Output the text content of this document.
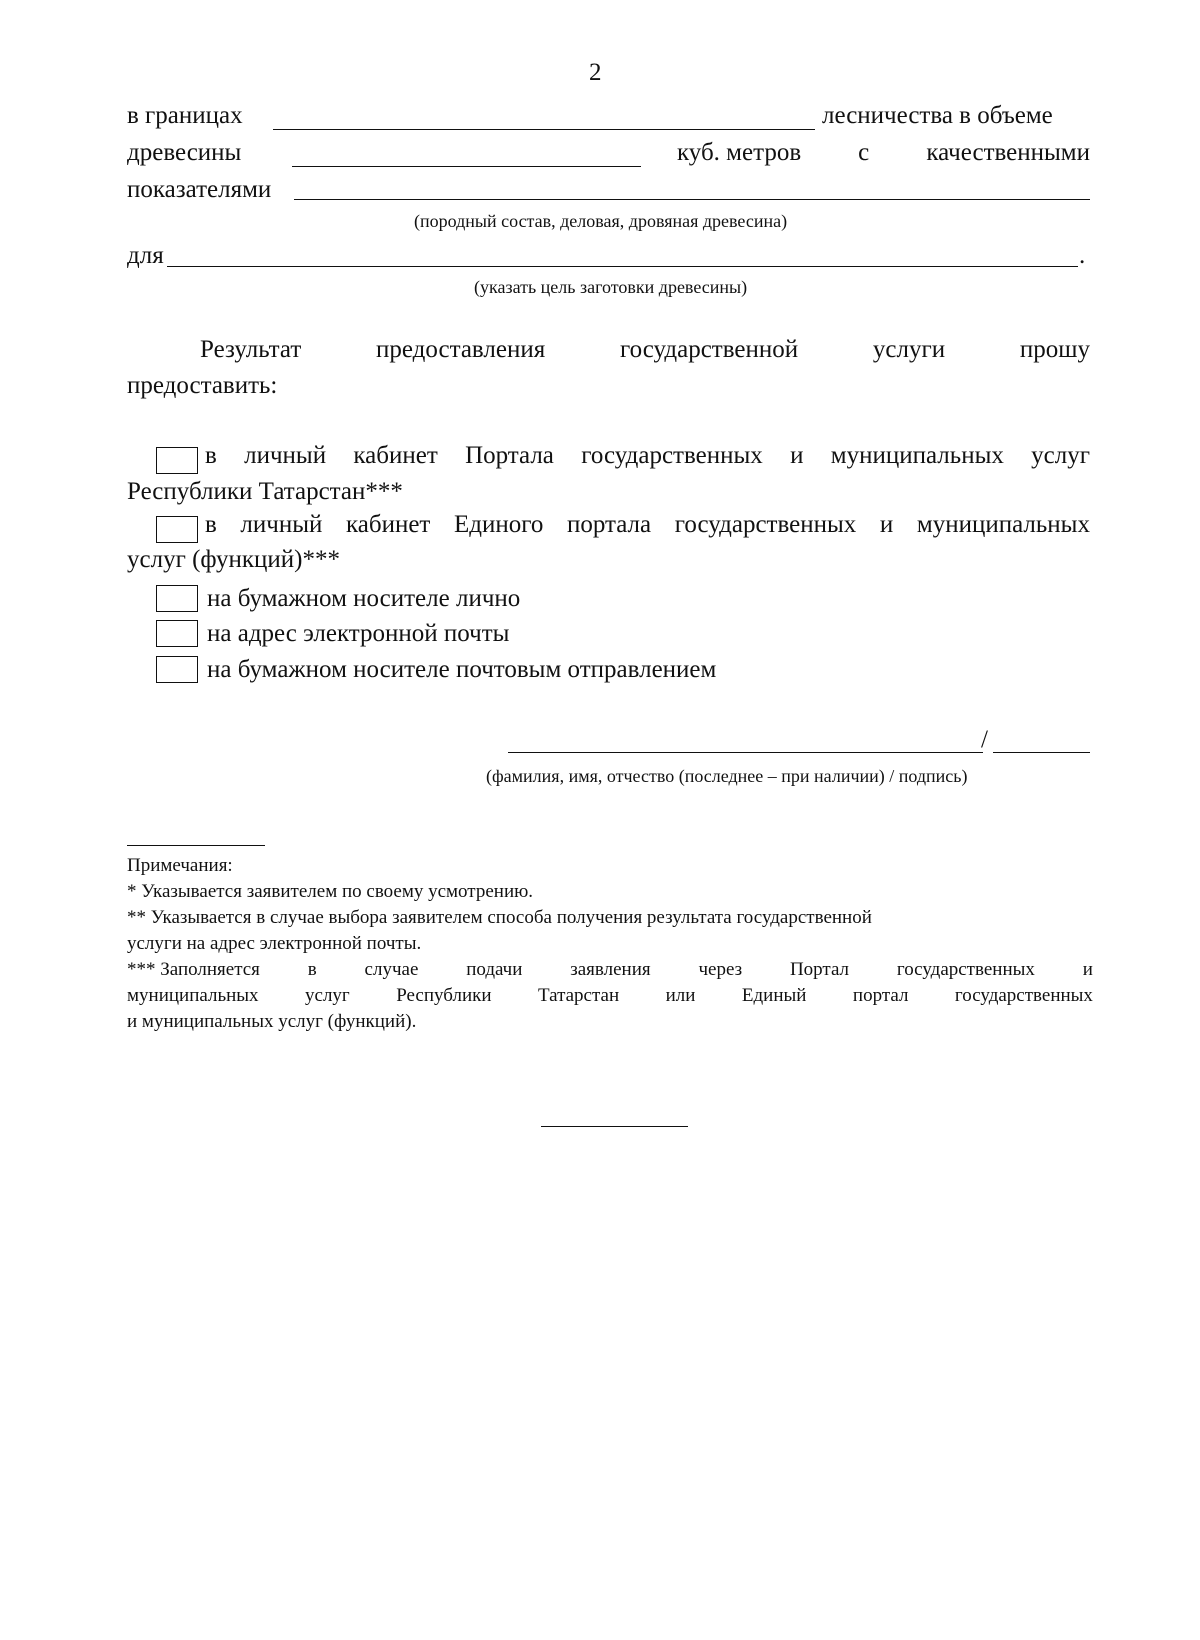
2
в границах	лесничества в объеме
древесины	куб. метров с качественными
показателями
(породный состав, деловая, дровяная древесина)
для	.
(указать цель заготовки древесины)
Результат	предоставления	государственной	услуги	прошу
предоставить:
в личный кабинет Портала государственных и муниципальных услуг
Республики Татарстан***
в личный кабинет Единого портала государственных и муниципальных
услуг (функций)***
на бумажном носителе лично
на адрес электронной почты
на бумажном носителе почтовым отправлением
/
(фамилия, имя, отчество (последнее – при наличии) / подпись)
Примечания:
* Указывается заявителем по своему усмотрению.
** Указывается в случае выбора заявителем способа получения результата государственной
услуги на адрес электронной почты.
*** Заполняется	в	случае	подачи	заявления	через	Портал	государственных	и
муниципальных услуг Республики Татарстан или Единый портал государственных
и муниципальных услуг (функций).
